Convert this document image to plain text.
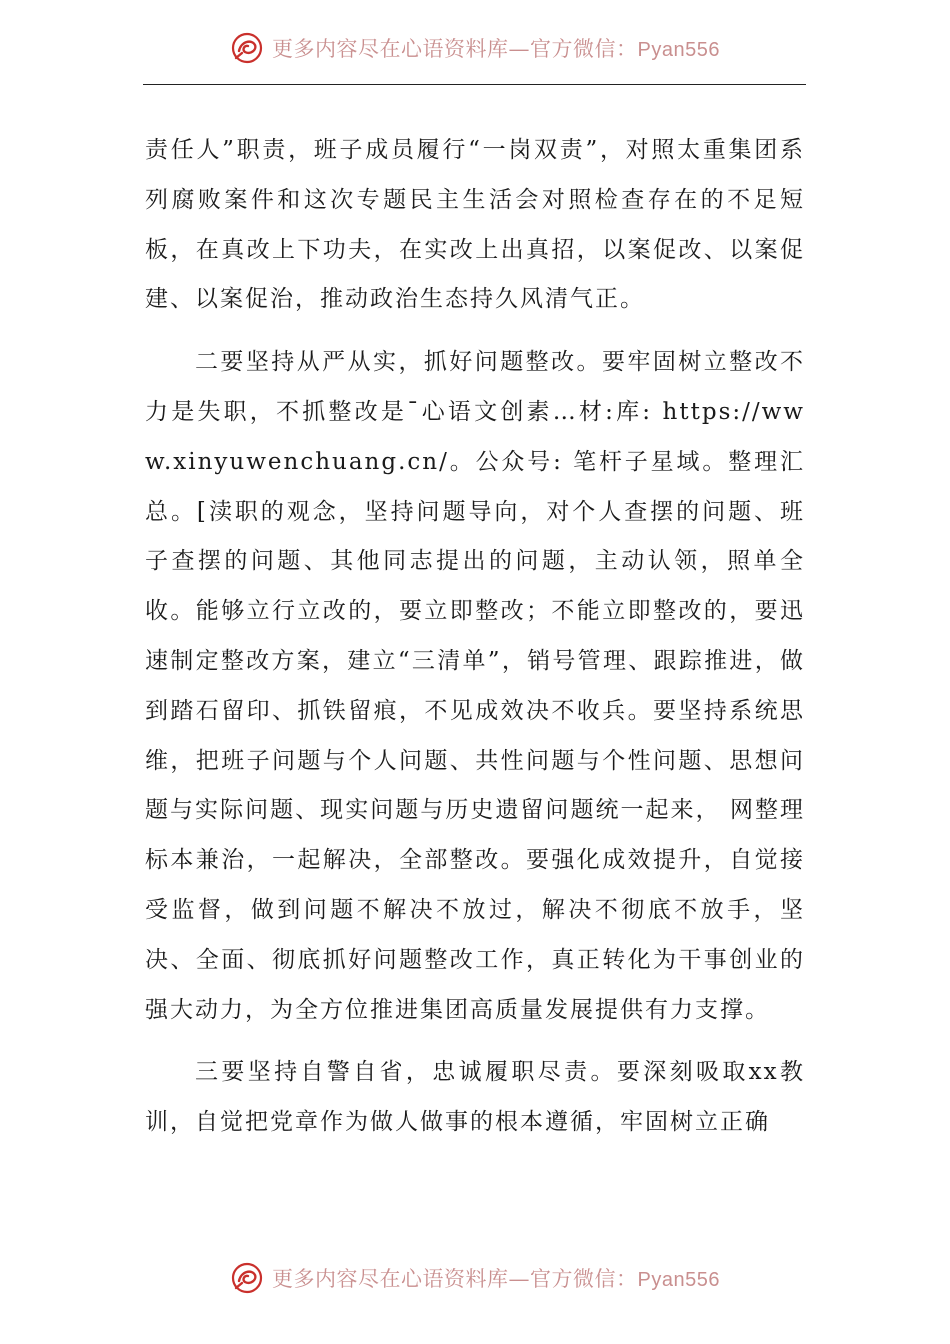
更多内容尽在心语资料库—官方微信：Pyan556

责任人”职责，班子成员履行“一岗双责”，对照太重集团系列腐败案件和这次专题民主生活会对照检查存在的不足短板，在真改上下功夫，在实改上出真招，以案促改、以案促建、以案促治，推动政治生态持久风清气正。

二要坚持从严从实，抓好问题整改。要牢固树立整改不力是失职，不抓整改是¯心语文创素…材:库: https://www.xinyuwenchuang.cn/。公众号: 笔杆子星域。整理汇总。[渎职的观念，坚持问题导向，对个人查摆的问题、班子查摆的问题、其他同志提出的问题，主动认领，照单全收。能够立行立改的，要立即整改；不能立即整改的，要迅速制定整改方案，建立“三清单”，销号管理、跟踪推进，做到踏石留印、抓铁留痕，不见成效决不收兵。要坚持系统思维，把班子问题与个人问题、共性问题与个性问题、思想问题与实际问题、现实问题与历史遗留问题统一起来， 网整理 标本兼治，一起解决，全部整改。要强化成效提升，自觉接受监督，做到问题不解决不放过，解决不彻底不放手，坚决、全面、彻底抓好问题整改工作，真正转化为干事创业的强大动力，为全方位推进集团高质量发展提供有力支撑。

三要坚持自警自省，忠诚履职尽责。要深刻吸取xx教训，自觉把党章作为做人做事的根本遵循，牢固树立正确

更多内容尽在心语资料库—官方微信：Pyan556
